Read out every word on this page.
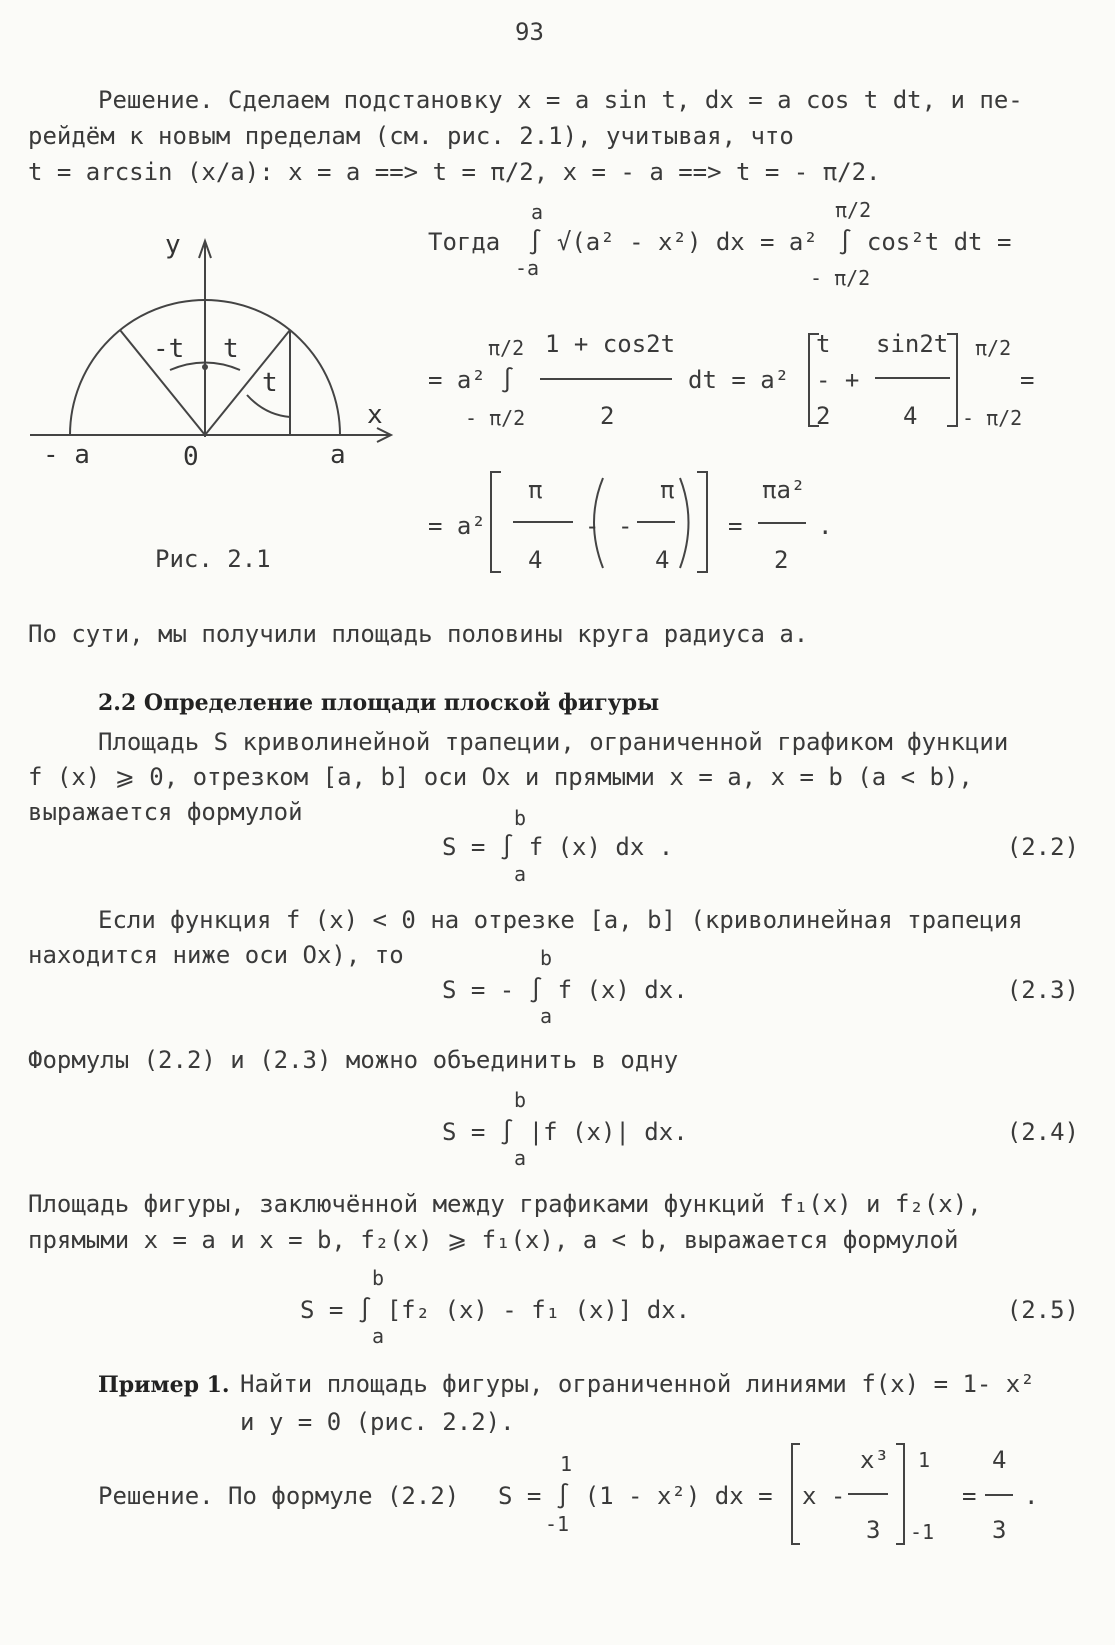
93
Решение. Сделаем подстановку x = a sin t, dx = a cos t dt, и пе-
рейдём к новым пределам (см. рис. 2.1), учитывая, что
t = arcsin (x/a): x = a ==> t = π/2, x = - a ==> t = - π/2.
y
x
- a	0	a
-t t
t
Рис. 2.1
a
Тогда ∫ √(a² - x²) dx
-a
π/2
= a² ∫ cos²t dt =
- π/2
π/2
= a² ∫
- π/2
1 + cos2t
2
dt = a²
t
- +
2
sin2t
4
π/2
- π/2
=
= a²
π
4
- -
π
4
=
πa²
2
.
По сути, мы получили площадь половины круга радиуса a.
2.2 Определение площади плоской фигуры
Площадь S криволинейной трапеции, ограниченной графиком функции
f (x) ⩾ 0, отрезком [a, b] оси Ox и прямыми x = a, x = b (a < b),
выражается формулой	b
S = ∫ f (x) dx .
a
(2.2)
Если функция f (x) < 0 на отрезке [a, b] (криволинейная трапеция
находится ниже оси Ox), то	b
S = - ∫ f (x) dx.
a
(2.3)
Формулы (2.2) и (2.3) можно объединить в одну
b
S = ∫ |f (x)| dx.
a
(2.4)
Площадь фигуры, заключённой между графиками функций f₁(x) и f₂(x),
прямыми x = a и x = b, f₂(x) ⩾ f₁(x), a < b, выражается формулой
b
S = ∫ [f₂ (x) - f₁ (x)] dx.
a
(2.5)
Пример 1. Найти площадь фигуры, ограниченной линиями f(x) = 1- x²
и y = 0 (рис. 2.2).
Решение. По формуле (2.2)
1
S = ∫ (1 - x²) dx =
-1
x -
x³
3
1
-1
4
=
3
.
